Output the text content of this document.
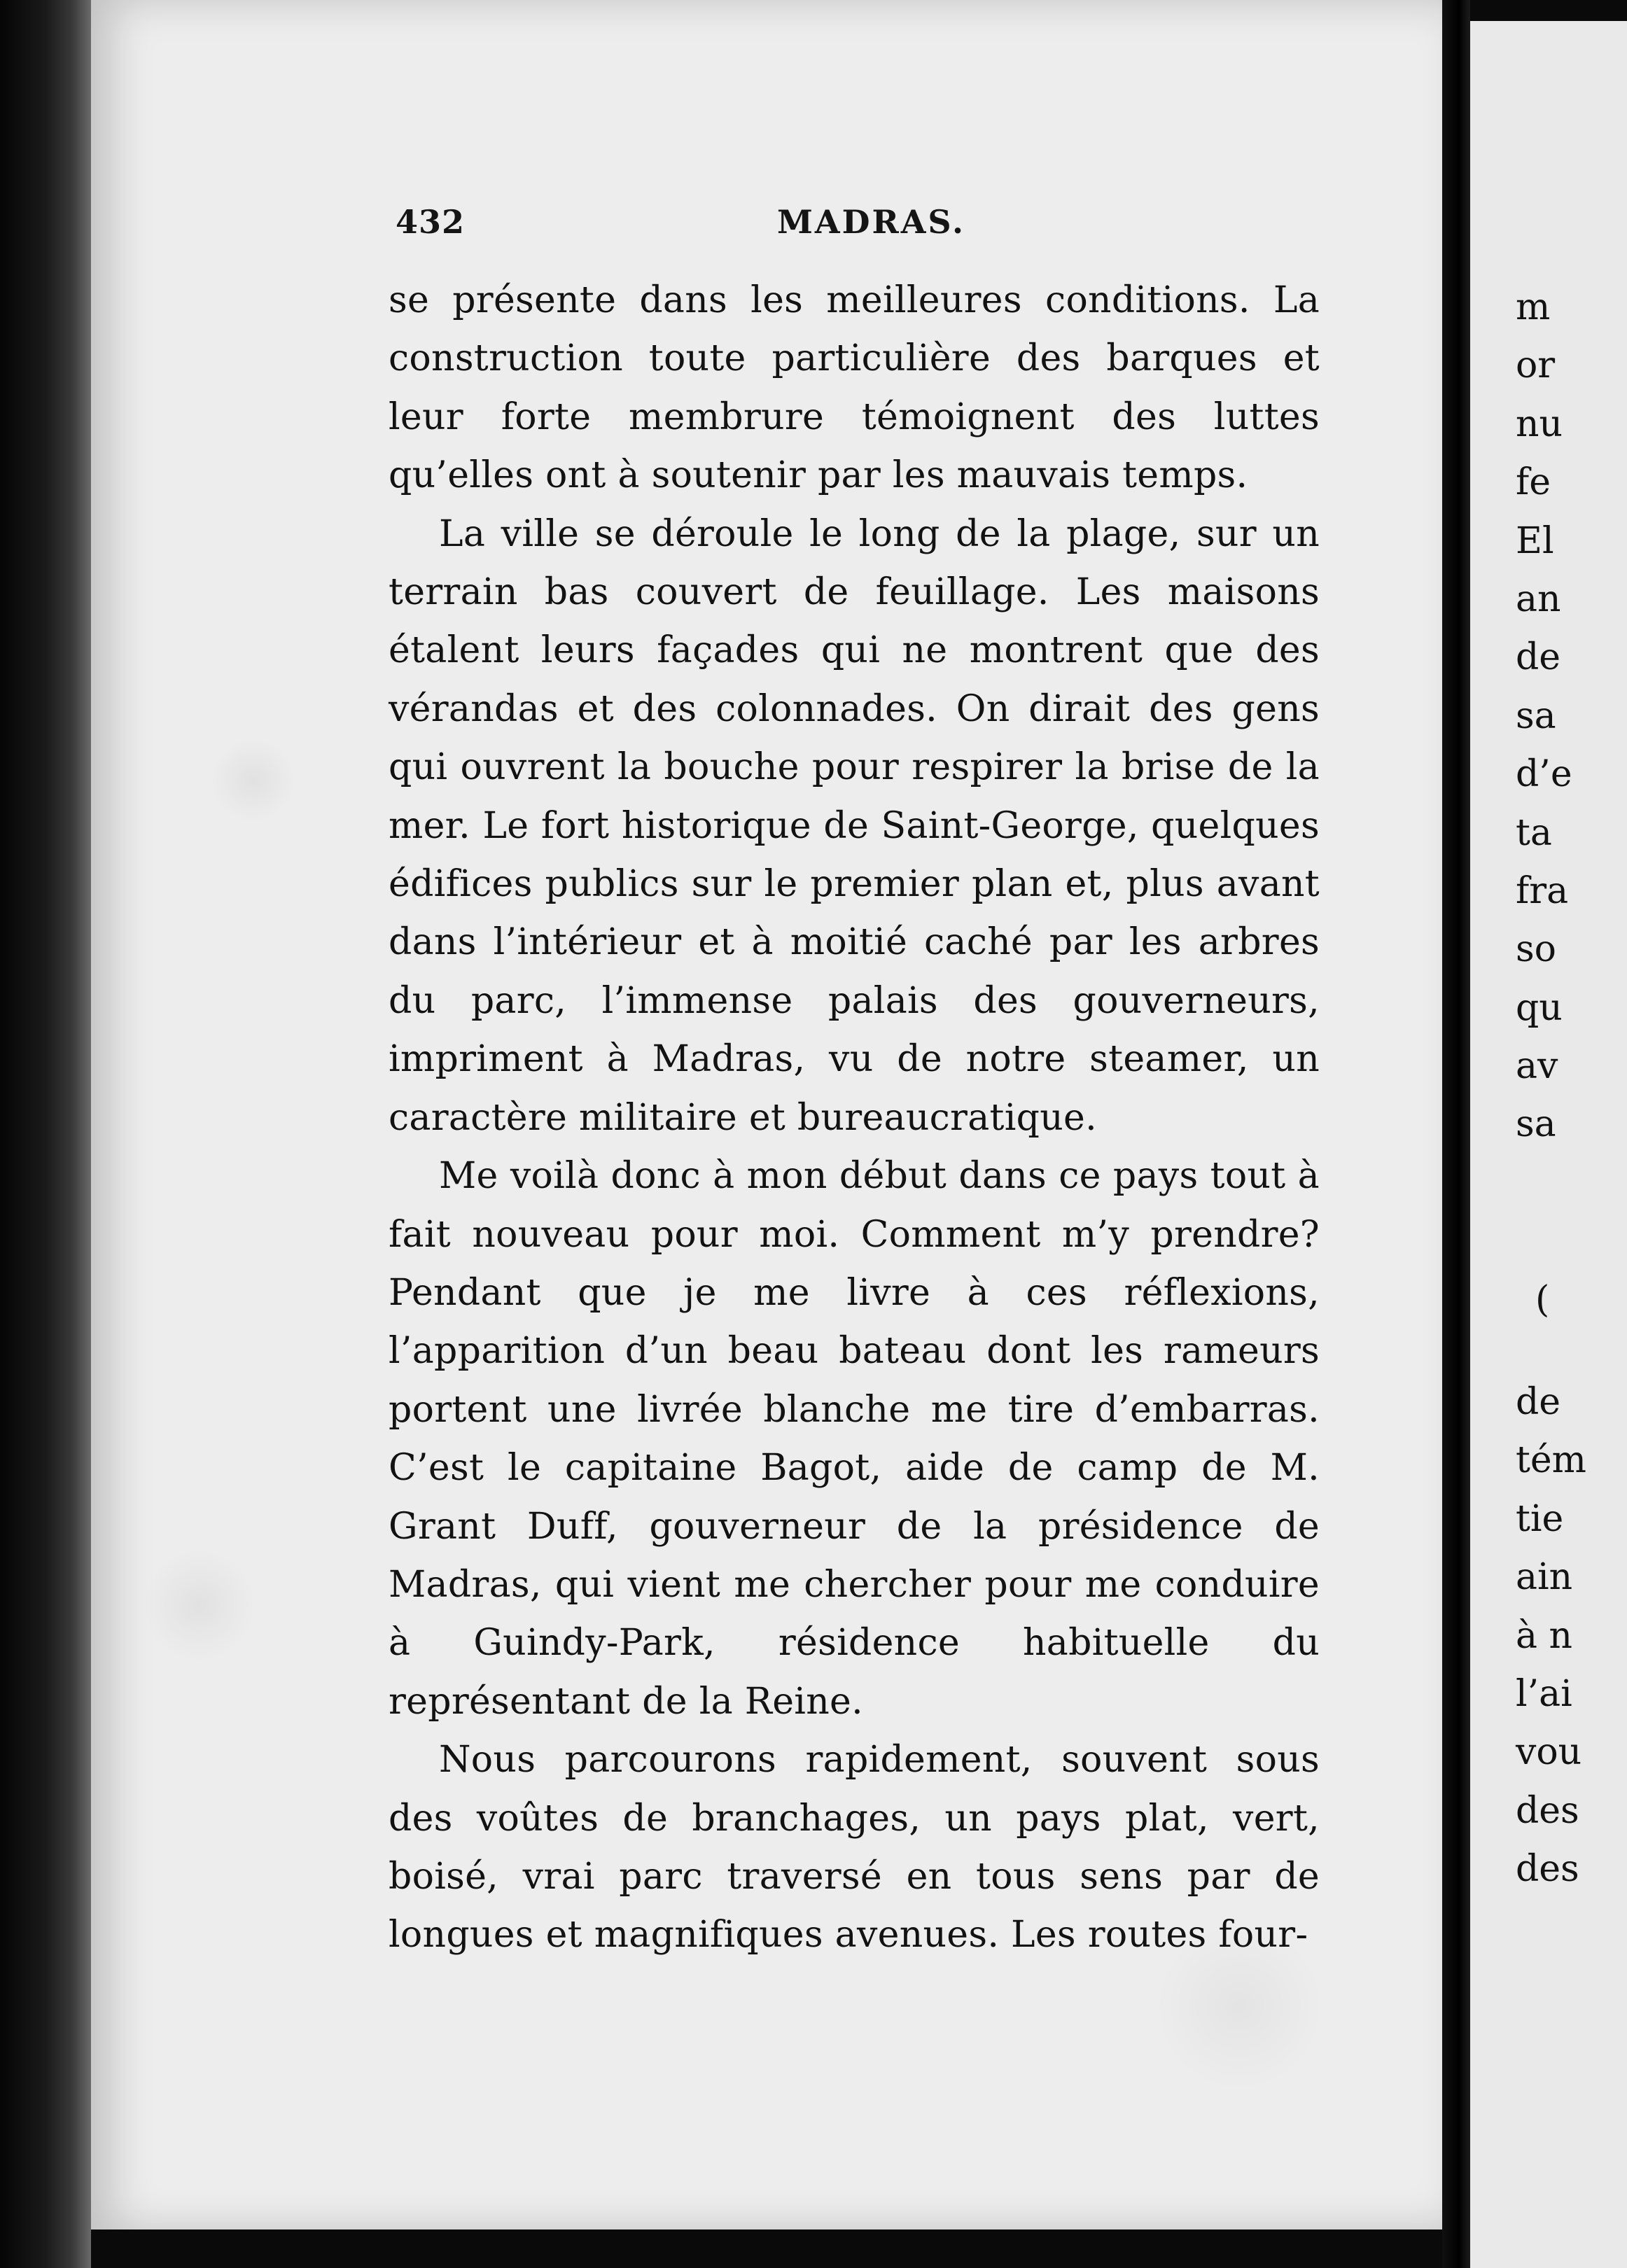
432	MADRAS.

se présente dans les meilleures conditions. La construction toute particulière des barques et leur forte membrure témoignent des luttes qu’elles ont à soutenir par les mauvais temps.

La ville se déroule le long de la plage, sur un terrain bas couvert de feuillage. Les maisons étalent leurs façades qui ne montrent que des vérandas et des colonnades. On dirait des gens qui ouvrent la bouche pour respirer la brise de la mer. Le fort historique de Saint-George, quelques édifices publics sur le premier plan et, plus avant dans l’intérieur et à moitié caché par les arbres du parc, l’immense palais des gouverneurs, impriment à Madras, vu de notre steamer, un caractère militaire et bureaucratique.

Me voilà donc à mon début dans ce pays tout à fait nouveau pour moi. Comment m’y prendre? Pendant que je me livre à ces réflexions, l’apparition d’un beau bateau dont les rameurs portent une livrée blanche me tire d’embarras. C’est le capitaine Bagot, aide de camp de M. Grant Duff, gouverneur de la présidence de Madras, qui vient me chercher pour me conduire à Guindy-Park, résidence habituelle du représentant de la Reine.

Nous parcourons rapidement, souvent sous des voûtes de branchages, un pays plat, vert, boisé, vrai parc traversé en tous sens par de longues et magnifiques avenues. Les routes four-

m
or
nu
fe
El
an
de
sa
d’e
ta
fra
so
qu
av
sa
(
de
tém
tie
ain
à n
l’ai
vou
des
des
